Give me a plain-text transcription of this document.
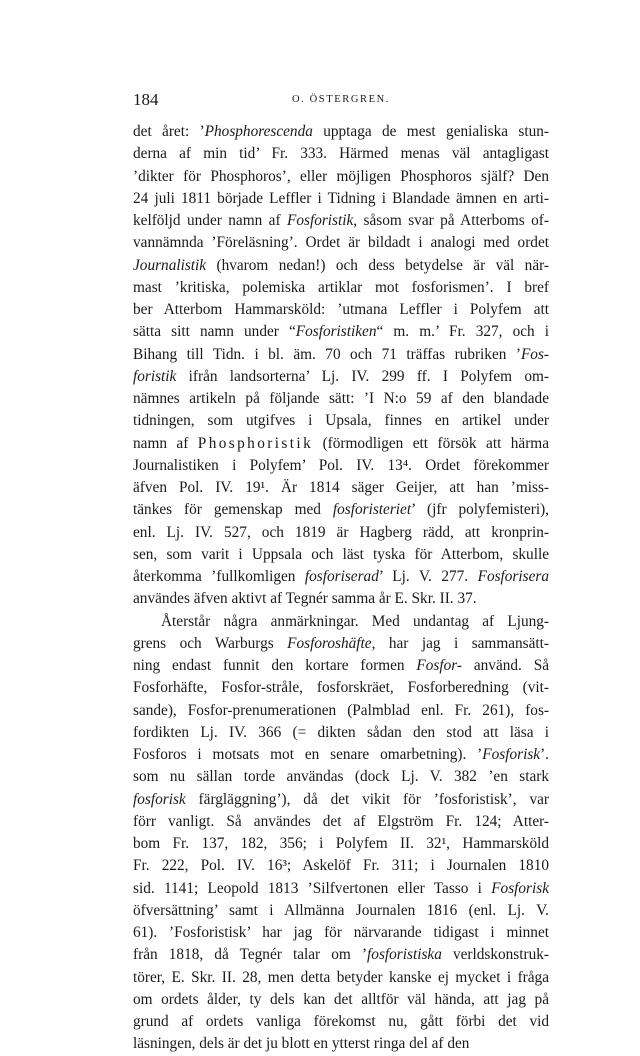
184	O. ÖSTERGREN.
det året: ’Phosphorescenda upptaga de mest genialiska stun-
derna af min tid’ Fr. 333. Härmed menas väl antagligast
’dikter för Phosphoros’, eller möjligen Phosphoros själf? Den
24 juli 1811 började Leffler i Tidning i Blandade ämnen en arti-
kelföljd under namn af Fosforistik, såsom svar på Atterboms of-
vannämnda ’Föreläsning’. Ordet är bildadt i analogi med ordet
Journalistik (hvarom nedan!) och dess betydelse är väl när-
mast ’kritiska, polemiska artiklar mot fosforismen’. I bref
ber Atterbom Hammarsköld: ’utmana Leffler i Polyfem att
sätta sitt namn under “Fosforistiken“ m. m.’ Fr. 327, och i
Bihang till Tidn. i bl. äm. 70 och 71 träffas rubriken ’Fos-
foristik ifrån landsorterna’ Lj. IV. 299 ff. I Polyfem om-
nämnes artikeln på följande sätt: ’I N:o 59 af den blandade
tidningen, som utgifves i Upsala, finnes en artikel under
namn af Phosphoristik (förmodligen ett försök att härma
Journalistiken i Polyfem’ Pol. IV. 13⁴. Ordet förekommer
äfven Pol. IV. 19¹. Är 1814 säger Geijer, att han ’miss-
tänkes för gemenskap med fosforisteriet’ (jfr polyfemisteri),
enl. Lj. IV. 527, och 1819 är Hagberg rädd, att kronprin-
sen, som varit i Uppsala och läst tyska för Atterbom, skulle
återkomma ’fullkomligen fosforiserad’ Lj. V. 277. Fosforisera
användes äfven aktivt af Tegnér samma år E. Skr. II. 37.
Återstår några anmärkningar. Med undantag af Ljung-
grens och Warburgs Fosforoshäfte, har jag i sammansätt-
ning endast funnit den kortare formen Fosfor- använd. Så
Fosforhäfte, Fosfor-stråle, fosforskräet, Fosforberedning (vit-
sande), Fosfor-prenumerationen (Palmblad enl. Fr. 261), fos-
fordikten Lj. IV. 366 (= dikten sådan den stod att läsa i
Fosforos i motsats mot en senare omarbetning). ’Fosforisk’.
som nu sällan torde användas (dock Lj. V. 382 ’en stark
fosforisk färgläggning’), då det vikit för ’fosforistisk’, var
förr vanligt. Så användes det af Elgström Fr. 124; Atter-
bom Fr. 137, 182, 356; i Polyfem II. 32¹, Hammarsköld
Fr. 222, Pol. IV. 16³; Askelöf Fr. 311; i Journalen 1810
sid. 1141; Leopold 1813 ’Silfvertonen eller Tasso i Fosforisk
öfversättning’ samt i Allmänna Journalen 1816 (enl. Lj. V.
61). ’Fosforistisk’ har jag för närvarande tidigast i minnet
från 1818, då Tegnér talar om ’fosforistiska verldskonstruk-
törer, E. Skr. II. 28, men detta betyder kanske ej mycket i fråga
om ordets ålder, ty dels kan det alltför väl hända, att jag på
grund af ordets vanliga förekomst nu, gått förbi det vid
läsningen, dels är det ju blott en ytterst ringa del af den
